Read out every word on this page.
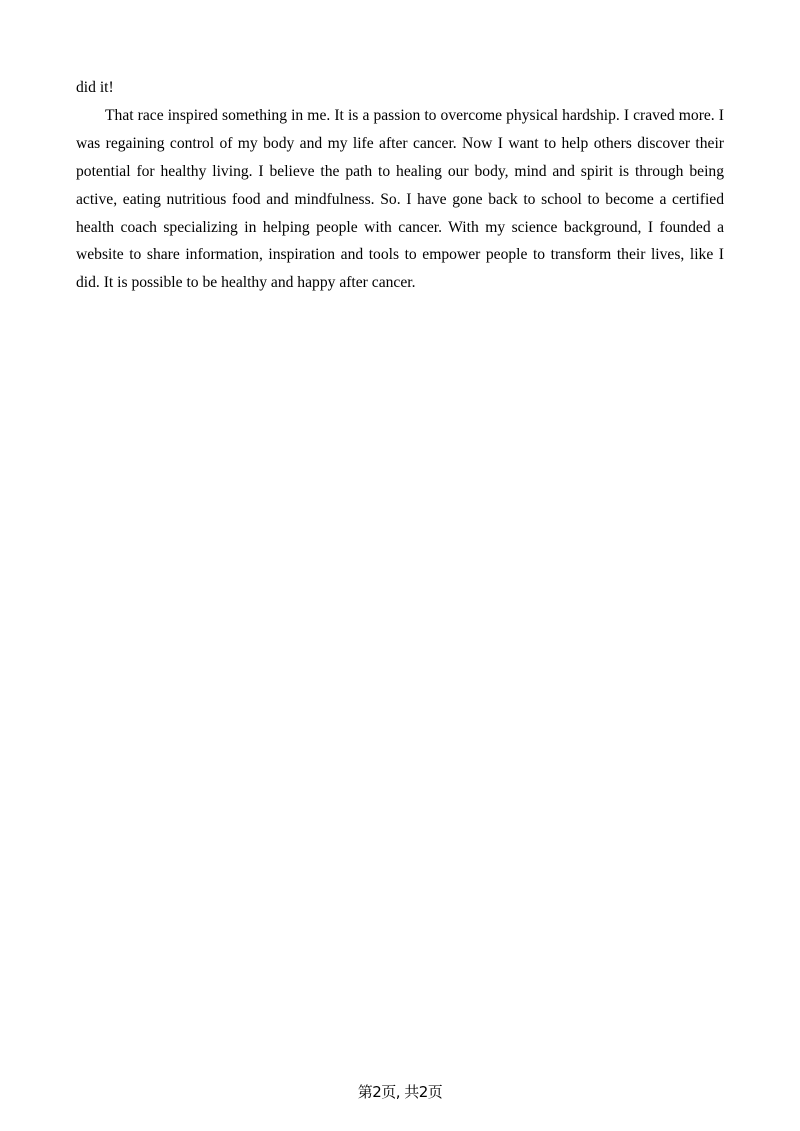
did it!

That race inspired something in me. It is a passion to overcome physical hardship. I craved more. I was regaining control of my body and my life after cancer. Now I want to help others discover their potential for healthy living. I believe the path to healing our body, mind and spirit is through being active, eating nutritious food and mindfulness. So. I have gone back to school to become a certified health coach specializing in helping people with cancer. With my science background, I founded a website to share information, inspiration and tools to empower people to transform their lives, like I did. It is possible to be healthy and happy after cancer.

第2页, 共2页
